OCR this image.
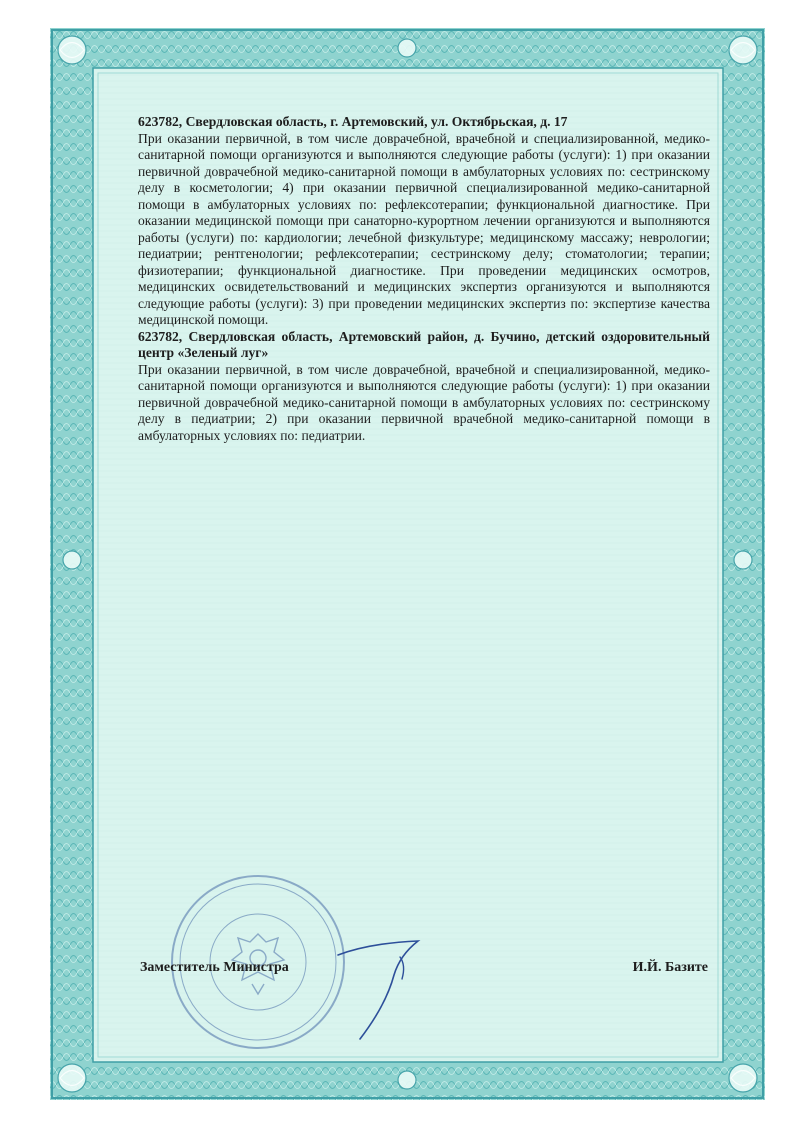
623782, Свердловская область, г. Артемовский, ул. Октябрьская, д. 17

При оказании первичной, в том числе доврачебной, врачебной и специализированной, медико-санитарной помощи организуются и выполняются следующие работы (услуги): 1) при оказании первичной доврачебной медико-санитарной помощи в амбулаторных условиях по: сестринскому делу в косметологии; 4) при оказании первичной специализированной медико-санитарной помощи в амбулаторных условиях по: рефлексотерапии; функциональной диагностике. При оказании медицинской помощи при санаторно-курортном лечении организуются и выполняются работы (услуги) по: кардиологии; лечебной физкультуре; медицинскому массажу; неврологии; педиатрии; рентгенологии; рефлексотерапии; сестринскому делу; стоматологии; терапии; физиотерапии; функциональной диагностике. При проведении медицинских осмотров, медицинских освидетельствований и медицинских экспертиз организуются и выполняются следующие работы (услуги): 3) при проведении медицинских экспертиз по: экспертизе качества медицинской помощи.

623782, Свердловская область, Артемовский район, д. Бучино, детский оздоровительный центр «Зеленый луг»

При оказании первичной, в том числе доврачебной, врачебной и специализированной, медико-санитарной помощи организуются и выполняются следующие работы (услуги): 1) при оказании первичной доврачебной медико-санитарной помощи в амбулаторных условиях по: сестринскому делу в педиатрии; 2) при оказании первичной врачебной медико-санитарной помощи в амбулаторных условиях по: педиатрии.

Заместитель Министра	И.Й. Базите
